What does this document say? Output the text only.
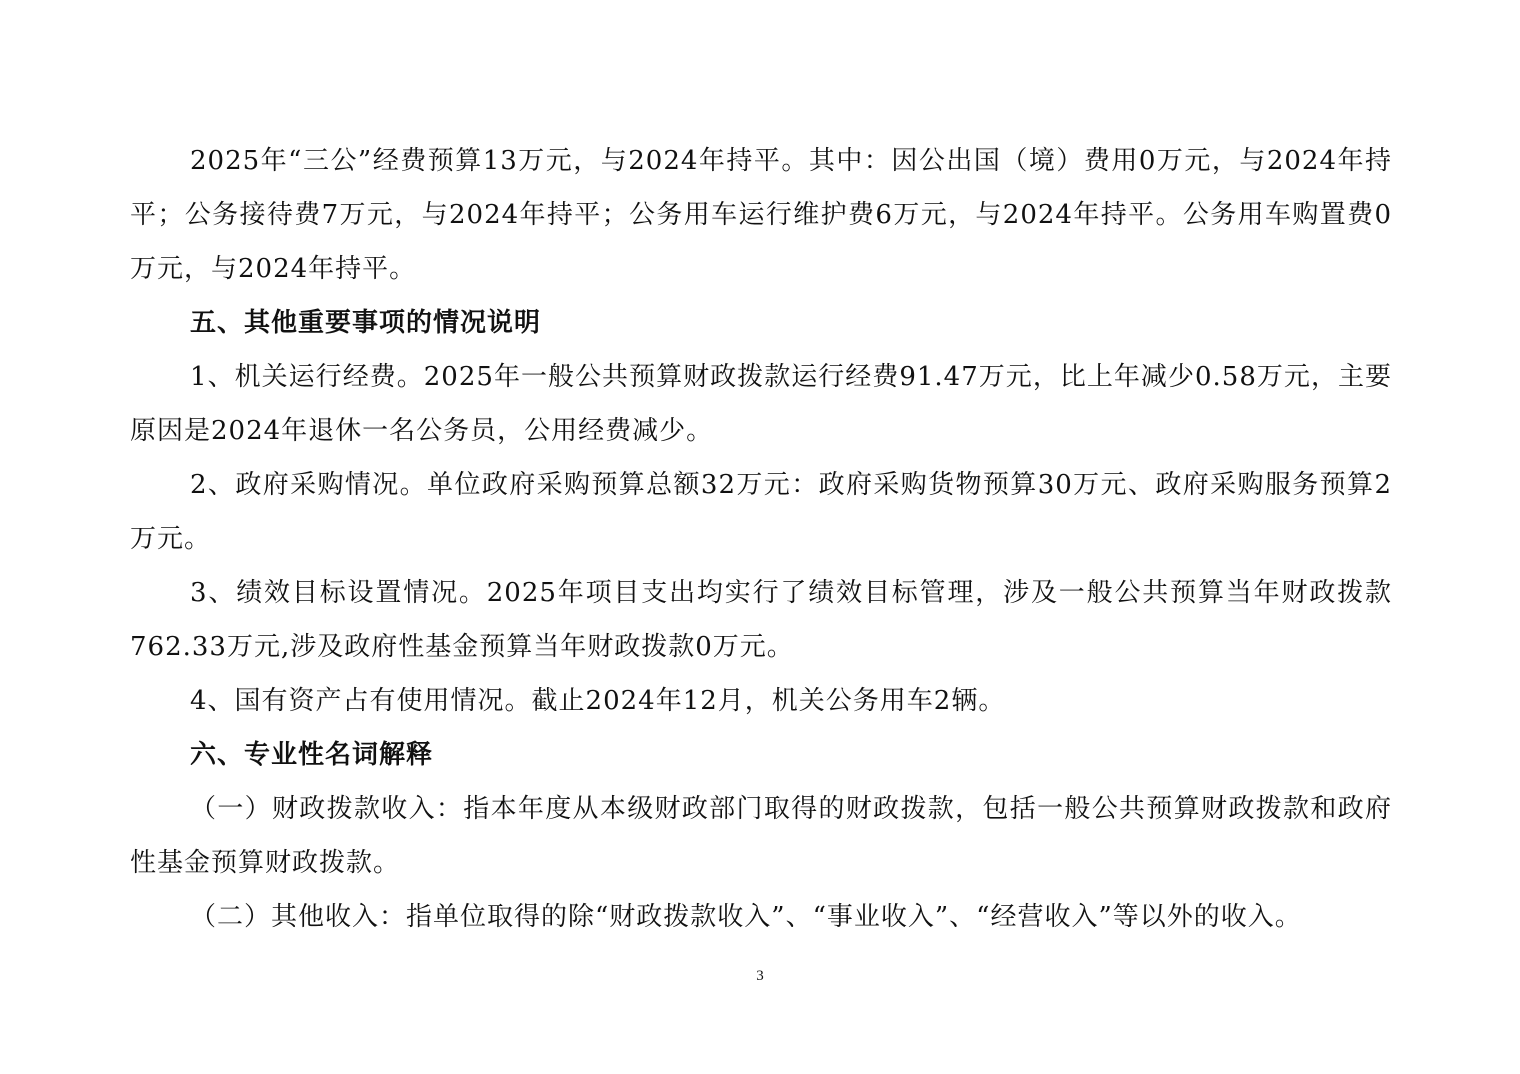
2025年“三公”经费预算13万元，与2024年持平。其中：因公出国（境）费用0万元，与2024年持平；公务接待费7万元，与2024年持平；公务用车运行维护费6万元，与2024年持平。公务用车购置费0万元，与2024年持平。

五、其他重要事项的情况说明

1、机关运行经费。2025年一般公共预算财政拨款运行经费91.47万元，比上年减少0.58万元，主要原因是2024年退休一名公务员，公用经费减少。

2、政府采购情况。单位政府采购预算总额32万元：政府采购货物预算30万元、政府采购服务预算2万元。

3、绩效目标设置情况。2025年项目支出均实行了绩效目标管理，涉及一般公共预算当年财政拨款762.33万元,涉及政府性基金预算当年财政拨款0万元。

4、国有资产占有使用情况。截止2024年12月，机关公务用车2辆。

六、专业性名词解释

（一）财政拨款收入：指本年度从本级财政部门取得的财政拨款，包括一般公共预算财政拨款和政府性基金预算财政拨款。

（二）其他收入：指单位取得的除“财政拨款收入”、“事业收入”、“经营收入”等以外的收入。

3
